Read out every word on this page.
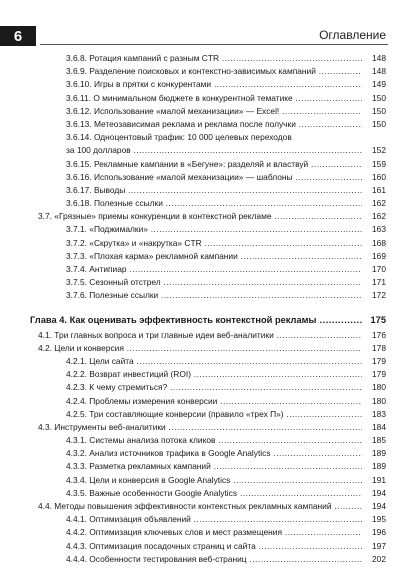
6	Оглавление
3.6.8. Ротация кампаний с разным CTR .....	148
3.6.9. Разделение поисковых и контекстно-зависимых кампаний .....	148
3.6.10. Игры в прятки с конкурентами .....	149
3.6.11. О минимальном бюджете в конкурентной тематике .....	150
3.6.12. Использование «малой механизации» — Excel! .....	150
3.6.13. Метеозависимая реклама и реклама после получки .....	150
3.6.14. Одноцентовый трафик: 10 000 целевых переходов
за 100 долларов .....	152
3.6.15. Рекламные кампании в «Бегуне»: разделяй и властвуй .....	159
3.6.16. Использование «малой механизации» — шаблоны .....	160
3.6.17. Выводы .....	161
3.6.18. Полезные ссылки .....	162
3.7. «Грязные» приемы конкуренции в контекстной рекламе .....	162
3.7.1. «Поджималки» .....	163
3.7.2. «Скрутка» и «накрутка» CTR .....	168
3.7.3. «Плохая карма» рекламной кампании .....	169
3.7.4. Антипиар .....	170
3.7.5. Сезонный отстрел .....	171
3.7.6. Полезные ссылки .....	172
Глава 4. Как оценивать эффективность контекстной рекламы .....	175
4.1. Три главных вопроса и три главные идеи веб-аналитики .....	176
4.2. Цели и конверсия .....	178
4.2.1. Цели сайта .....	179
4.2.2. Возврат инвестиций (ROI) .....	179
4.2.3. К чему стремиться? .....	180
4.2.4. Проблемы измерения конверсии .....	180
4.2.5. Три составляющие конверсии (правило «трех П») .....	183
4.3. Инструменты веб-аналитики .....	184
4.3.1. Системы анализа потока кликов .....	185
4.3.2. Анализ источников трафика в Google Analytics .....	189
4.3.3. Разметка рекламных кампаний .....	189
4.3.4. Цели и конверсия в Google Analytics .....	191
4.3.5. Важные особенности Google Analytics .....	194
4.4. Методы повышения эффективности контекстных рекламных кампаний .....	194
4.4.1. Оптимизация объявлений .....	195
4.4.2. Оптимизация ключевых слов и мест размещения .....	196
4.4.3. Оптимизация посадочных страниц и сайта .....	197
4.4.4. Особенности тестирования веб-страниц .....	202
